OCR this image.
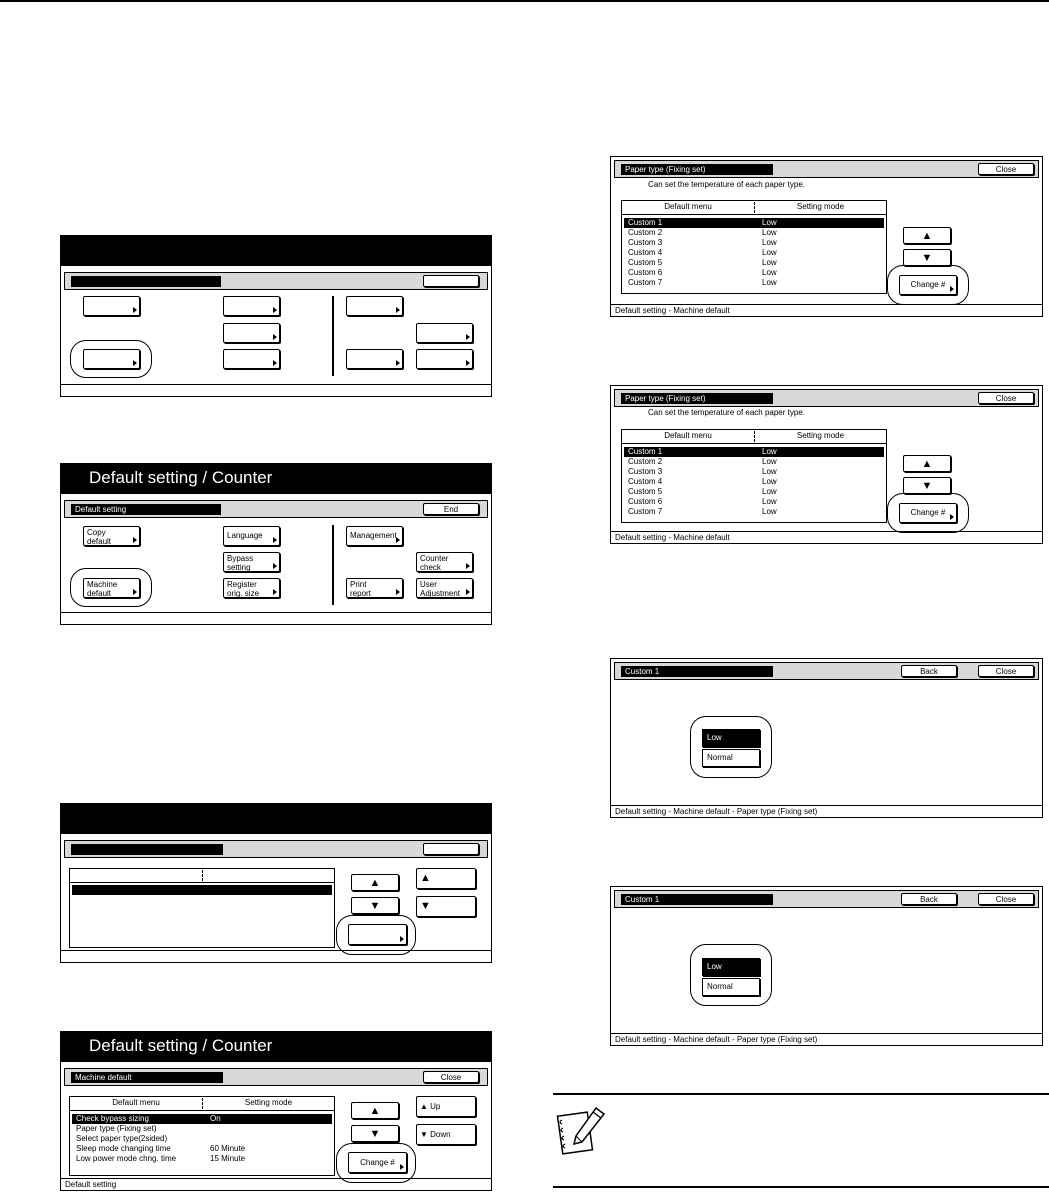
Default setting / Counter
Default setting	End
Copy
default
Language	Management
Bypass
setting
Counter
check
Machine
default
Register
orig. size
Print
report
User
Adjustment
▲
▼
▲
▼
Default setting / Counter
Machine default	Close
Default menu	Setting mode
Check bypass sizing	On
Paper type (Fixing set)
Select paper type(2sided)
Sleep mode changing time	60 Minute
Low power mode chng. time	15 Minute
▲
▼
▲ Up
▼ Down
Change #
Default setting
Paper type (Fixing set)	Close
Can set the temperature of each paper type.
Default menu	Setting mode
Custom 1	Low
Custom 2	Low
Custom 3	Low
Custom 4	Low
Custom 5	Low
Custom 6	Low
Custom 7	Low
▲
▼
Change #
Default setting - Machine default
Paper type (Fixing set)	Close
Can set the temperature of each paper type.
Default menu	Setting mode
Custom 1	Low
Custom 2	Low
Custom 3	Low
Custom 4	Low
Custom 5	Low
Custom 6	Low
Custom 7	Low
▲
▼
Change #
Default setting - Machine default
Custom 1	Back	Close
Low
Normal
Default setting - Machine default - Paper type (Fixing set)
Custom 1	Back	Close
Low
Normal
Default setting - Machine default - Paper type (Fixing set)
